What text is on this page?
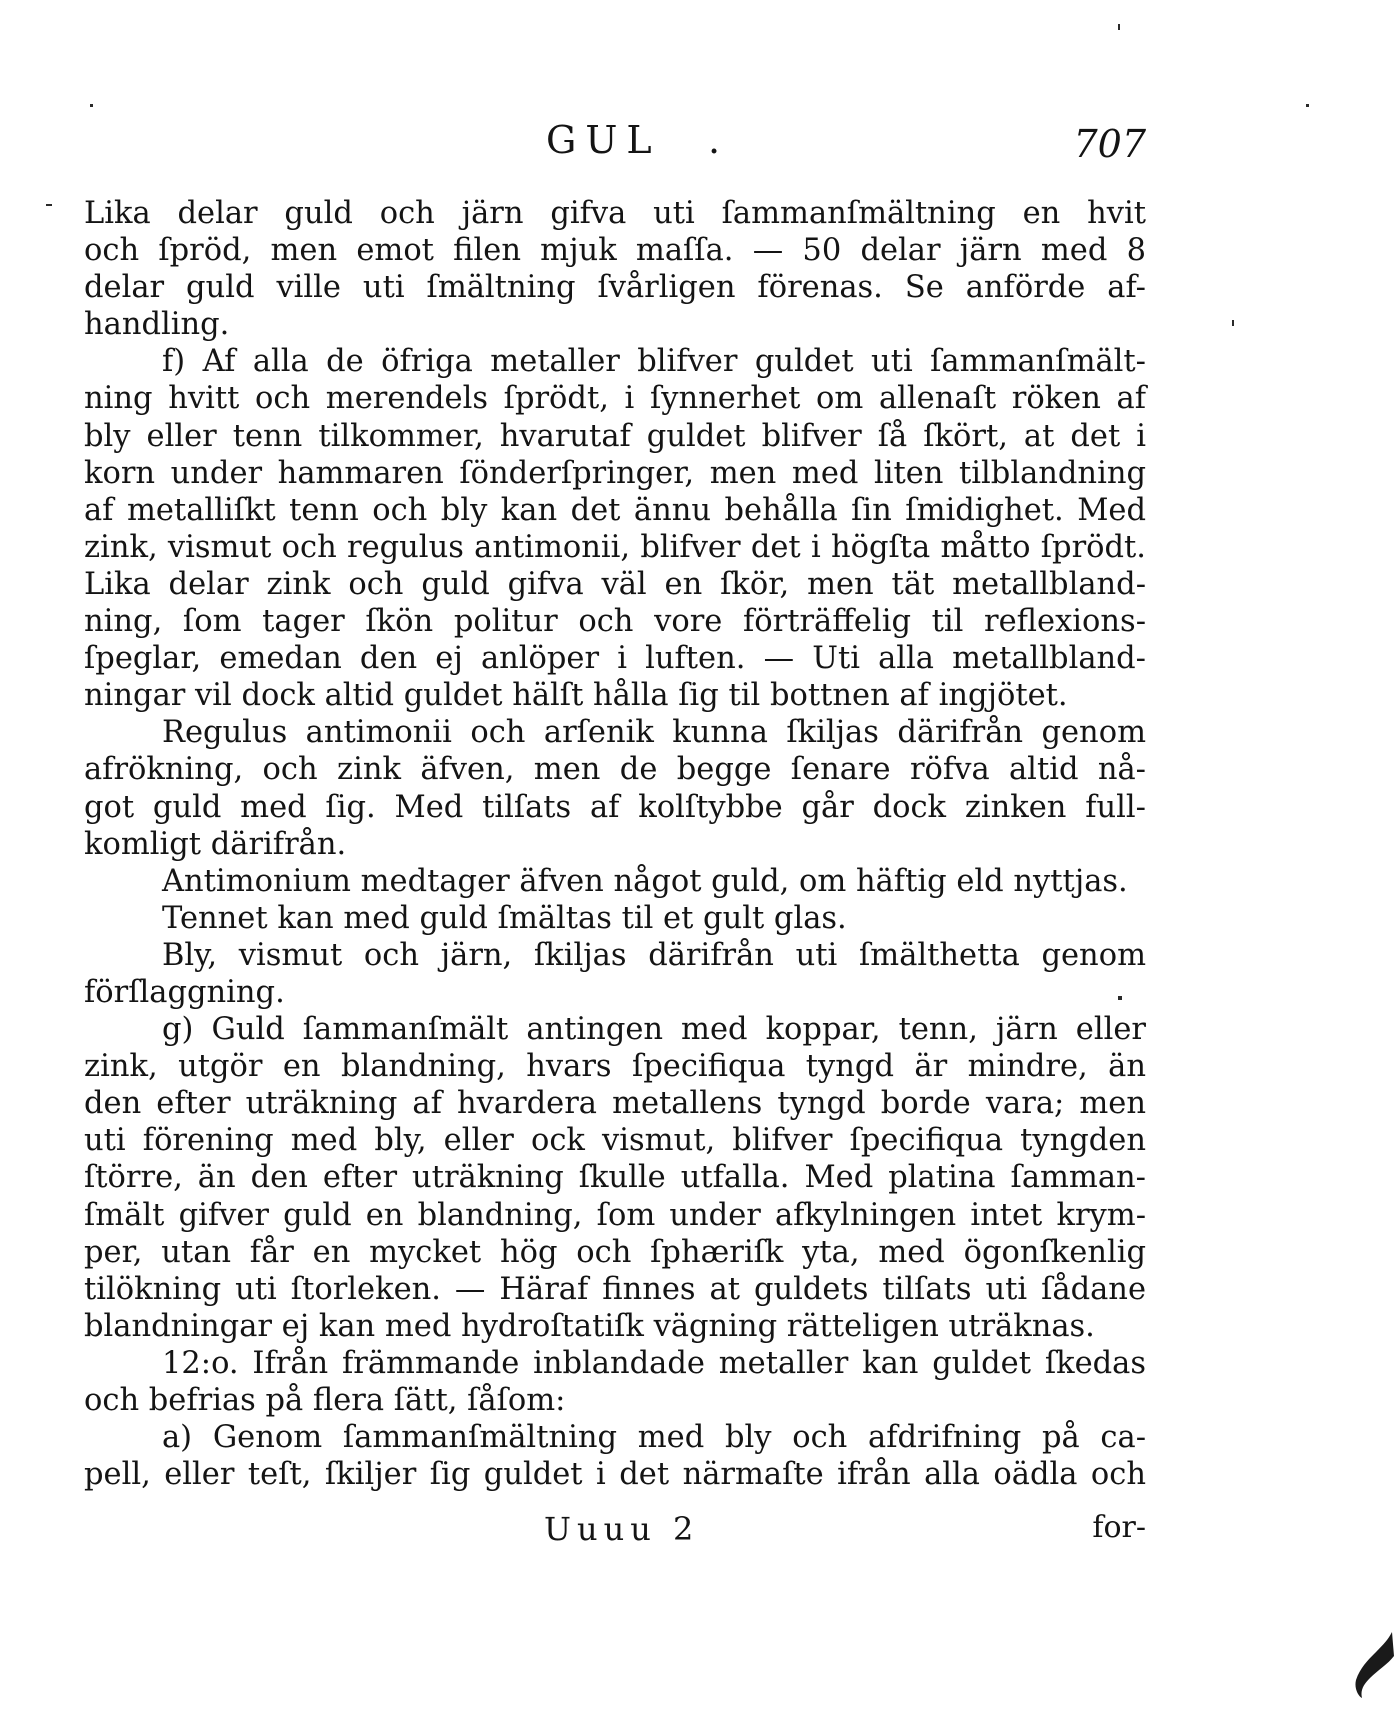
GUL .	707
Lika delar guld och järn gifva uti ſammanſmältning en hvit
och ſpröd, men emot filen mjuk maſſa. — 50 delar järn med 8
delar guld ville uti ſmältning ſvårligen förenas. Se anförde af-
handling.
f) Af alla de öfriga metaller blifver guldet uti ſammanſmält-
ning hvitt och merendels ſprödt, i ſynnerhet om allenaſt röken af
bly eller tenn tilkommer, hvarutaf guldet blifver ſå ſkört, at det i
korn under hammaren ſönderſpringer, men med liten tilblandning
af metalliſkt tenn och bly kan det ännu behålla ſin ſmidighet. Med
zink, vismut och regulus antimonii, blifver det i högſta måtto ſprödt.
Lika delar zink och guld gifva väl en ſkör, men tät metallbland-
ning, ſom tager ſkön politur och vore förträffelig til reflexions-
ſpeglar, emedan den ej anlöper i luften. — Uti alla metallbland-
ningar vil dock altid guldet hälſt hålla ſig til bottnen af ingjötet.
Regulus antimonii och arſenik kunna ſkiljas därifrån genom
afrökning, och zink äfven, men de begge ſenare röfva altid nå-
got guld med ſig. Med tilſats af kolſtybbe går dock zinken full-
komligt därifrån.
Antimonium medtager äfven något guld, om häftig eld nyttjas.
Tennet kan med guld ſmältas til et gult glas.
Bly, vismut och järn, ſkiljas därifrån uti ſmälthetta genom
förſlaggning.
g) Guld ſammanſmält antingen med koppar, tenn, järn eller
zink, utgör en blandning, hvars ſpecifiqua tyngd är mindre, än
den efter uträkning af hvardera metallens tyngd borde vara; men
uti förening med bly, eller ock vismut, blifver ſpecifiqua tyngden
ſtörre, än den efter uträkning ſkulle utfalla. Med platina ſamman-
ſmält gifver guld en blandning, ſom under afkylningen intet krym-
per, utan får en mycket hög och ſphæriſk yta, med ögonſkenlig
tilökning uti ſtorleken. — Häraf finnes at guldets tilſats uti ſådane
blandningar ej kan med hydroſtatiſk vägning rätteligen uträknas.
12:o. Ifrån främmande inblandade metaller kan guldet ſkedas
och befrias på flera ſätt, ſåſom:
a) Genom ſammanſmältning med bly och afdrifning på ca-
pell, eller teſt, ſkiljer ſig guldet i det närmaſte ifrån alla oädla och
Uuuu 2	for-
